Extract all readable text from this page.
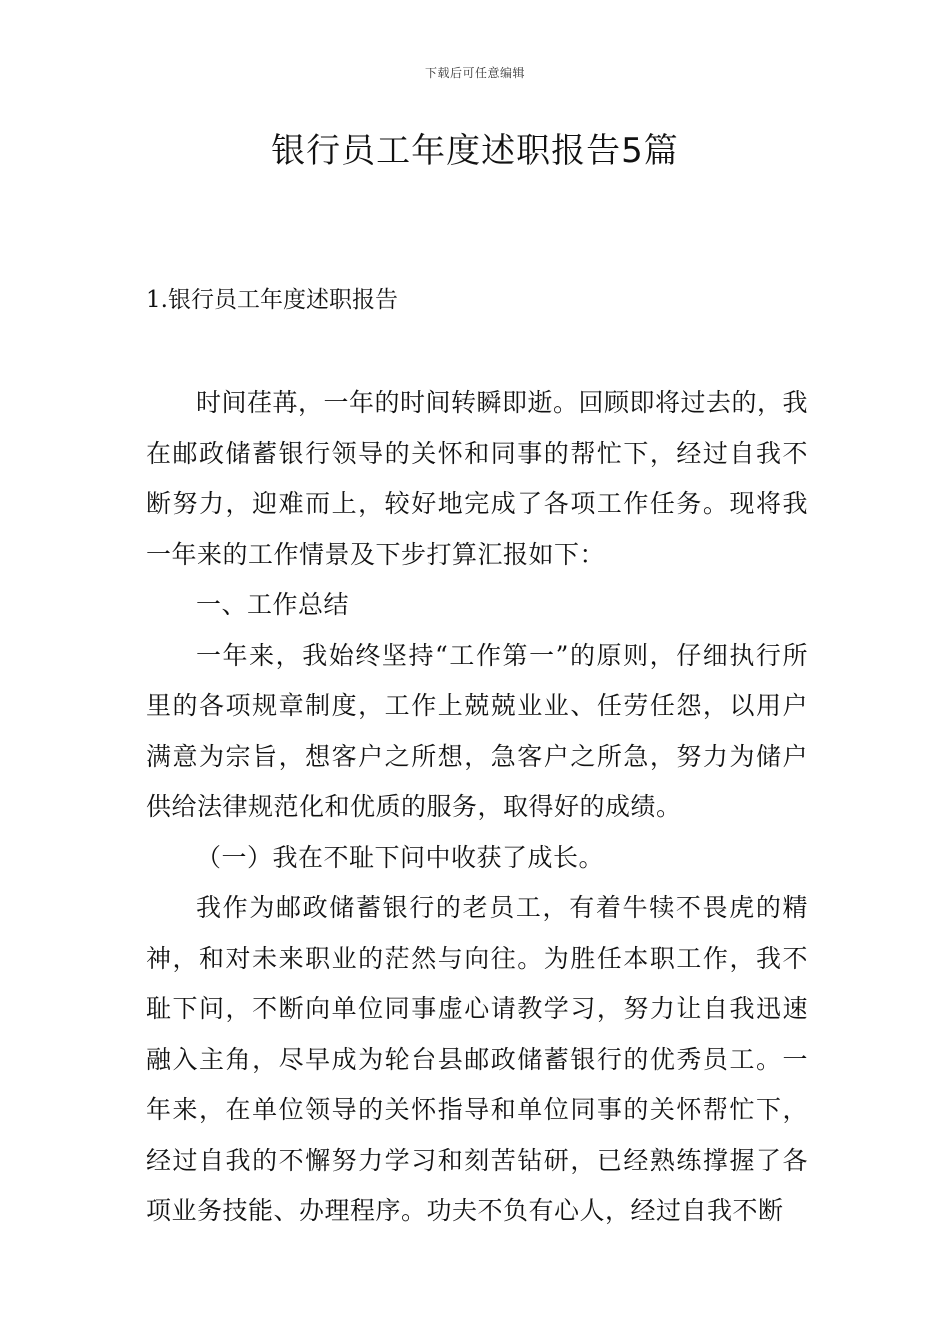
下载后可任意编辑
银行员工年度述职报告5篇
1.银行员工年度述职报告

时间荏苒，一年的时间转瞬即逝。回顾即将过去的，我在邮政储蓄银行领导的关怀和同事的帮忙下，经过自我不断努力，迎难而上，较好地完成了各项工作任务。现将我一年来的工作情景及下步打算汇报如下：

一、工作总结

一年来，我始终坚持“工作第一”的原则，仔细执行所里的各项规章制度，工作上兢兢业业、任劳任怨，以用户满意为宗旨，想客户之所想，急客户之所急，努力为储户供给法律规范化和优质的服务，取得好的成绩。

（一）我在不耻下问中收获了成长。

我作为邮政储蓄银行的老员工，有着牛犊不畏虎的精神，和对未来职业的茫然与向往。为胜任本职工作，我不耻下问，不断向单位同事虚心请教学习，努力让自我迅速融入主角，尽早成为轮台县邮政储蓄银行的优秀员工。一年来，在单位领导的关怀指导和单位同事的关怀帮忙下，经过自我的不懈努力学习和刻苦钻研，已经熟练撑握了各项业务技能、办理程序。功夫不负有心人，经过自我不断
